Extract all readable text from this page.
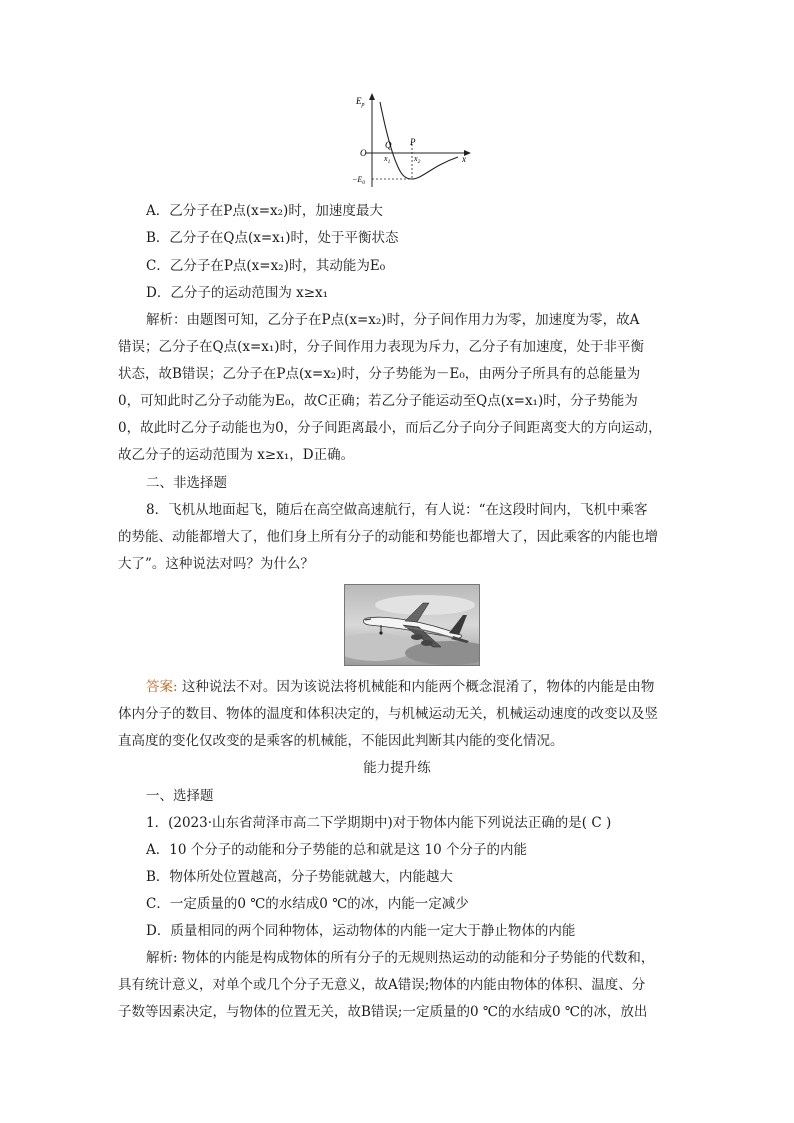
$E_p$
O
x
Q P
$x_1$	$x_2$
$-E_0$
A．乙分子在P点(x=x₂)时，加速度最大
B．乙分子在Q点(x=x₁)时，处于平衡状态
C．乙分子在P点(x=x₂)时，其动能为E₀
D．乙分子的运动范围为 x≥x₁
解析：由题图可知，乙分子在P点(x=x₂)时，分子间作用力为零，加速度为零，故A
错误；乙分子在Q点(x=x₁)时，分子间作用力表现为斥力，乙分子有加速度，处于非平衡
状态，故B错误；乙分子在P点(x=x₂)时，分子势能为－E₀，由两分子所具有的总能量为
0，可知此时乙分子动能为E₀，故C正确；若乙分子能运动至Q点(x=x₁)时，分子势能为
0，故此时乙分子动能也为0，分子间距离最小，而后乙分子向分子间距离变大的方向运动，
故乙分子的运动范围为 x≥x₁，D正确。
二、非选择题
8．飞机从地面起飞，随后在高空做高速航行，有人说：“在这段时间内，飞机中乘客
的势能、动能都增大了，他们身上所有分子的动能和势能也都增大了，因此乘客的内能也增
大了”。这种说法对吗？为什么？
答案: 这种说法不对。因为该说法将机械能和内能两个概念混淆了，物体的内能是由物
体内分子的数目、物体的温度和体积决定的，与机械运动无关，机械运动速度的改变以及竖
直高度的变化仅改变的是乘客的机械能，不能因此判断其内能的变化情况。
能力提升练
一、选择题
1．(2023·山东省菏泽市高二下学期期中)对于物体内能下列说法正确的是( C )
A．10 个分子的动能和分子势能的总和就是这 10 个分子的内能
B．物体所处位置越高，分子势能就越大，内能越大
C．一定质量的0 ℃的水结成0 ℃的冰，内能一定减少
D．质量相同的两个同种物体，运动物体的内能一定大于静止物体的内能
解析: 物体的内能是构成物体的所有分子的无规则热运动的动能和分子势能的代数和，
具有统计意义，对单个或几个分子无意义，故A错误;物体的内能由物体的体积、温度、分
子数等因素决定，与物体的位置无关，故B错误;一定质量的0 ℃的水结成0 ℃的冰，放出
